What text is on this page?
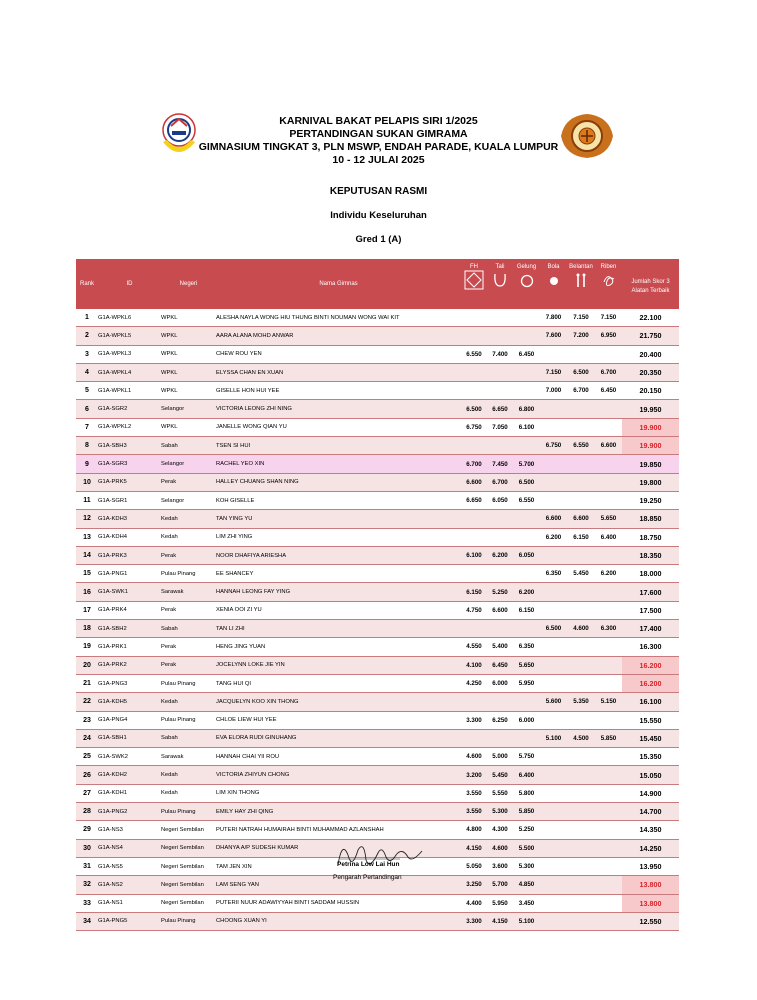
KARNIVAL BAKAT PELAPIS SIRI 1/2025
PERTANDINGAN SUKAN GIMRAMA
GIMNASIUM TINGKAT 3, PLN MSWP, ENDAH PARADE, KUALA LUMPUR
10 - 12 JULAI 2025
KEPUTUSAN RASMI
Individu Keseluruhan
Gred 1 (A)
Rank	ID	Negeri	Nama Gimnas	FH	Tali	Gelung	Bola	Belantan	Riben	Jumlah Skor 3 Alatan Terbaik
1	G1A-WPKL6	WPKL	ALESHA NAYLA WONG HIU THUNG BINTI NOUMAN WONG WAI KIT				7.800	7.150	7.150	22.100
2	G1A-WPKL5	WPKL	AARA ALANA MOHD ANWAR				7.600	7.200	6.950	21.750
3	G1A-WPKL3	WPKL	CHEW ROU YEN	6.550	7.400	6.450				20.400
4	G1A-WPKL4	WPKL	ELYSSA CHAN EN XUAN				7.150	6.500	6.700	20.350
5	G1A-WPKL1	WPKL	GISELLE HON HUI YEE				7.000	6.700	6.450	20.150
6	G1A-SGR2	Selangor	VICTORIA LEONG ZHI NING	6.500	6.650	6.800				19.950
7	G1A-WPKL2	WPKL	JANELLE WONG QIAN YU	6.750	7.050	6.100				19.900
8	G1A-SBH3	Sabah	TSEN SI HUI				6.750	6.550	6.600	19.900
9	G1A-SGR3	Selangor	RACHEL YEO XIN	6.700	7.450	5.700				19.850
10	G1A-PRK5	Perak	HALLEY CHUANG SHAN NING	6.600	6.700	6.500				19.800
11	G1A-SGR1	Selangor	KOH GISELLE	6.650	6.050	6.550				19.250
12	G1A-KDH3	Kedah	TAN YING YU				6.600	6.600	5.650	18.850
13	G1A-KDH4	Kedah	LIM ZHI YING				6.200	6.150	6.400	18.750
14	G1A-PRK3	Perak	NOOR DHAFIYA ARIESHA	6.100	6.200	6.050				18.350
15	G1A-PNG1	Pulau Pinang	EE SHANCEY				6.350	5.450	6.200	18.000
16	G1A-SWK1	Sarawak	HANNAH LEONG FAY YING	6.150	5.250	6.200				17.600
17	G1A-PRK4	Perak	XENIA OOI ZI YU	4.750	6.600	6.150				17.500
18	G1A-SBH2	Sabah	TAN LI ZHI				6.500	4.600	6.300	17.400
19	G1A-PRK1	Perak	HENG JING YUAN	4.550	5.400	6.350				16.300
20	G1A-PRK2	Perak	JOCELYNN LOKE JIE YIN	4.100	6.450	5.650				16.200
21	G1A-PNG3	Pulau Pinang	TANG HUI QI	4.250	6.000	5.950				16.200
22	G1A-KDH5	Kedah	JACQUELYN KOO XIN THONG				5.600	5.350	5.150	16.100
23	G1A-PNG4	Pulau Pinang	CHLOE LIEW HUI YEE	3.300	6.250	6.000				15.550
24	G1A-SBH1	Sabah	EVA ELORA RUDI GINUHANG				5.100	4.500	5.850	15.450
25	G1A-SWK2	Sarawak	HANNAH CHAI YII ROU	4.600	5.000	5.750				15.350
26	G1A-KDH2	Kedah	VICTORIA ZHIYUN CHONG	3.200	5.450	6.400				15.050
27	G1A-KDH1	Kedah	LIM XIN THONG	3.550	5.550	5.800				14.900
28	G1A-PNG2	Pulau Pinang	EMILY HAY ZHI QING	3.550	5.300	5.850				14.700
29	G1A-NS3	Negeri Sembilan	PUTERI NATRAH HUMAIRAH BINTI MUHAMMAD AZLANSHAH	4.800	4.300	5.250				14.350
30	G1A-NS4	Negeri Sembilan	DHANYA A/P SUDESH KUMAR	4.150	4.600	5.500				14.250
31	G1A-NS5	Negeri Sembilan	TAM JEN XIN	5.050	3.600	5.300				13.950
32	G1A-NS2	Negeri Sembilan	LAM SENG YAN	3.250	5.700	4.850				13.800
33	G1A-NS1	Negeri Sembilan	PUTERII NUUR ADAWIYYAH BINTI SADDAM HUSSIN	4.400	5.950	3.450				13.800
34	G1A-PNG5	Pulau Pinang	CHOONG XUAN YI	3.300	4.150	5.100				12.550
Petrina Low Lai Hun
Pengarah Pertandingan
